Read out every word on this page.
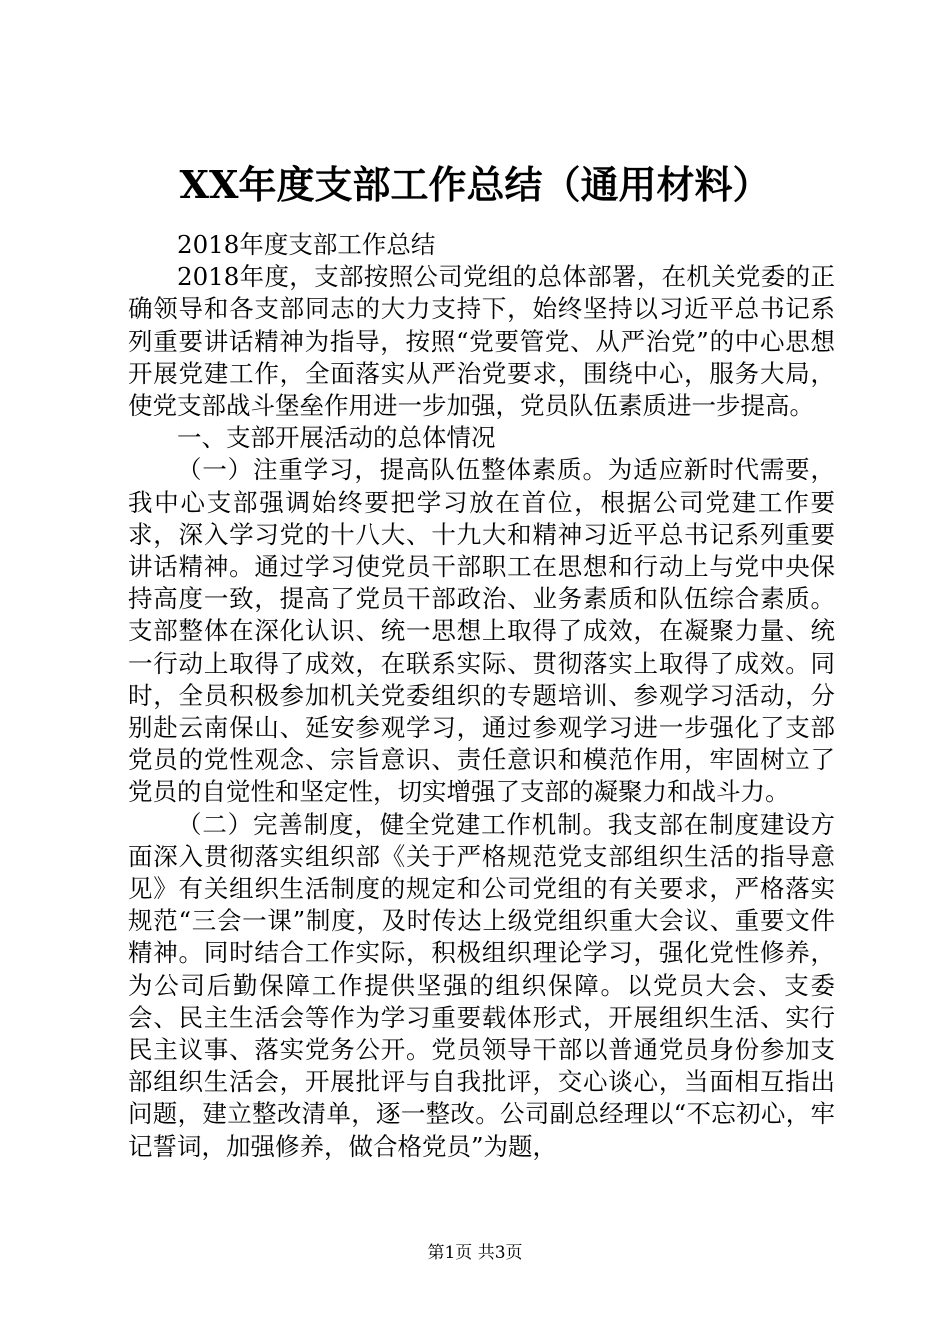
XX年度支部工作总结（通用材料）

2018年度支部工作总结

2018年度，支部按照公司党组的总体部署，在机关党委的正确领导和各支部同志的大力支持下，始终坚持以习近平总书记系列重要讲话精神为指导，按照“党要管党、从严治党”的中心思想开展党建工作，全面落实从严治党要求，围绕中心，服务大局，使党支部战斗堡垒作用进一步加强，党员队伍素质进一步提高。

一、支部开展活动的总体情况

（一）注重学习，提高队伍整体素质。为适应新时代需要，我中心支部强调始终要把学习放在首位，根据公司党建工作要求，深入学习党的十八大、十九大和精神习近平总书记系列重要讲话精神。通过学习使党员干部职工在思想和行动上与党中央保持高度一致，提高了党员干部政治、业务素质和队伍综合素质。支部整体在深化认识、统一思想上取得了成效，在凝聚力量、统一行动上取得了成效，在联系实际、贯彻落实上取得了成效。同时，全员积极参加机关党委组织的专题培训、参观学习活动，分别赴云南保山、延安参观学习，通过参观学习进一步强化了支部党员的党性观念、宗旨意识、责任意识和模范作用，牢固树立了党员的自觉性和坚定性，切实增强了支部的凝聚力和战斗力。

（二）完善制度，健全党建工作机制。我支部在制度建设方面深入贯彻落实组织部《关于严格规范党支部组织生活的指导意见》有关组织生活制度的规定和公司党组的有关要求，严格落实规范“三会一课”制度，及时传达上级党组织重大会议、重要文件精神。同时结合工作实际，积极组织理论学习，强化党性修养，为公司后勤保障工作提供坚强的组织保障。以党员大会、支委会、民主生活会等作为学习重要载体形式，开展组织生活、实行民主议事、落实党务公开。党员领导干部以普通党员身份参加支部组织生活会，开展批评与自我批评，交心谈心，当面相互指出问题，建立整改清单，逐一整改。公司副总经理以“不忘初心，牢记誓词，加强修养，做合格党员”为题，

第1页 共3页
